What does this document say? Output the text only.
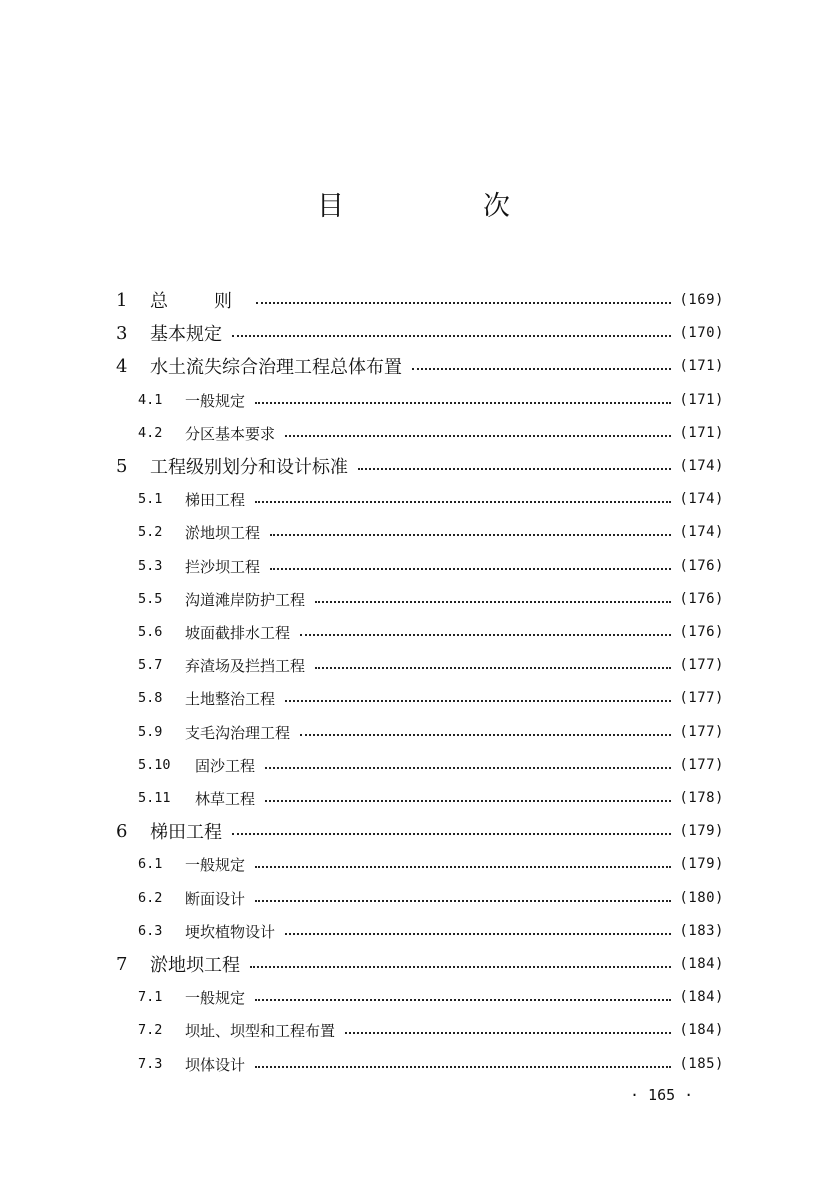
目　次
1	总　则	(169)
3	基本规定	(170)
4	水土流失综合治理工程总体布置	(171)
4.1	一般规定	(171)
4.2	分区基本要求	(171)
5	工程级别划分和设计标准	(174)
5.1	梯田工程	(174)
5.2	淤地坝工程	(174)
5.3	拦沙坝工程	(176)
5.5	沟道滩岸防护工程	(176)
5.6	坡面截排水工程	(176)
5.7	弃渣场及拦挡工程	(177)
5.8	土地整治工程	(177)
5.9	支毛沟治理工程	(177)
5.10	固沙工程	(177)
5.11	林草工程	(178)
6	梯田工程	(179)
6.1	一般规定	(179)
6.2	断面设计	(180)
6.3	埂坎植物设计	(183)
7	淤地坝工程	(184)
7.1	一般规定	(184)
7.2	坝址、坝型和工程布置	(184)
7.3	坝体设计	(185)
· 165 ·
